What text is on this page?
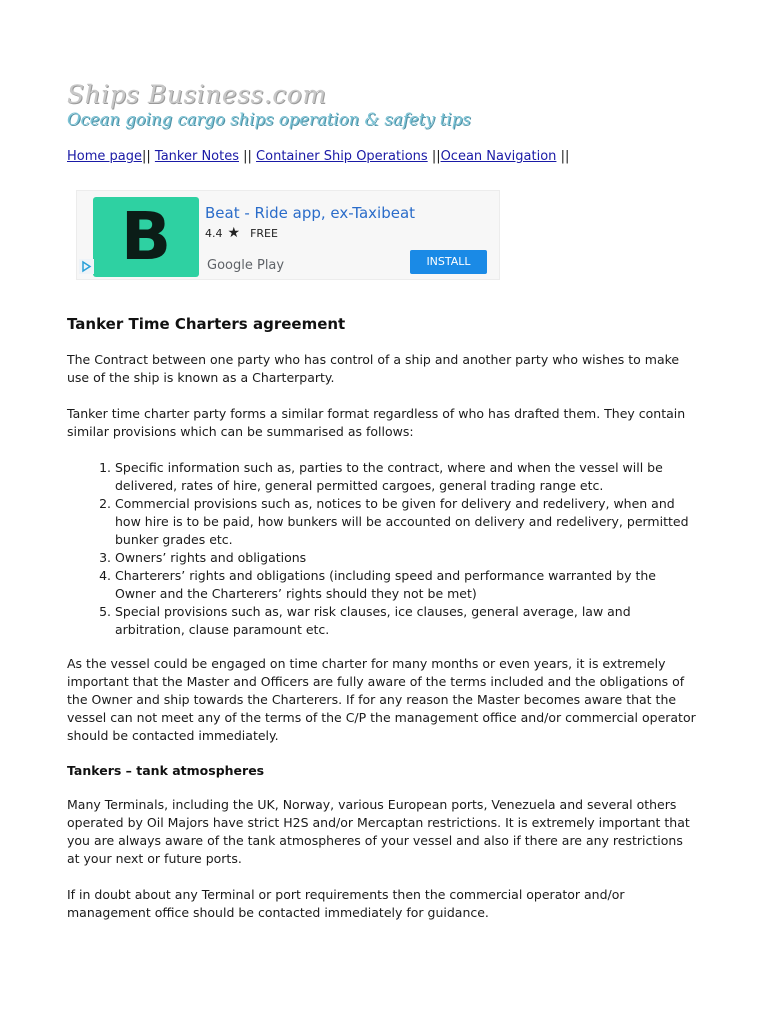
Ships Business.com

Ocean going cargo ships operation & safety tips

Home page|| Tanker Notes || Container Ship Operations ||Ocean Navigation ||
B Beat - Ride app, ex-Taxibeat
4.4 ★ FREE
Google Play	INSTALL
Tanker Time Charters agreement

The Contract between one party who has control of a ship and another party who wishes to make use of the ship is known as a Charterparty.

Tanker time charter party forms a similar format regardless of who has drafted them. They contain similar provisions which can be summarised as follows:

1. Specific information such as, parties to the contract, where and when the vessel will be delivered, rates of hire, general permitted cargoes, general trading range etc.
2. Commercial provisions such as, notices to be given for delivery and redelivery, when and how hire is to be paid, how bunkers will be accounted on delivery and redelivery, permitted bunker grades etc.
3. Owners’ rights and obligations
4. Charterers’ rights and obligations (including speed and performance warranted by the Owner and the Charterers’ rights should they not be met)
5. Special provisions such as, war risk clauses, ice clauses, general average, law and arbitration, clause paramount etc.

As the vessel could be engaged on time charter for many months or even years, it is extremely important that the Master and Officers are fully aware of the terms included and the obligations of the Owner and ship towards the Charterers. If for any reason the Master becomes aware that the vessel can not meet any of the terms of the C/P the management office and/or commercial operator should be contacted immediately.

Tankers – tank atmospheres

Many Terminals, including the UK, Norway, various European ports, Venezuela and several others operated by Oil Majors have strict H2S and/or Mercaptan restrictions. It is extremely important that you are always aware of the tank atmospheres of your vessel and also if there are any restrictions at your next or future ports.

If in doubt about any Terminal or port requirements then the commercial operator and/or management office should be contacted immediately for guidance.
